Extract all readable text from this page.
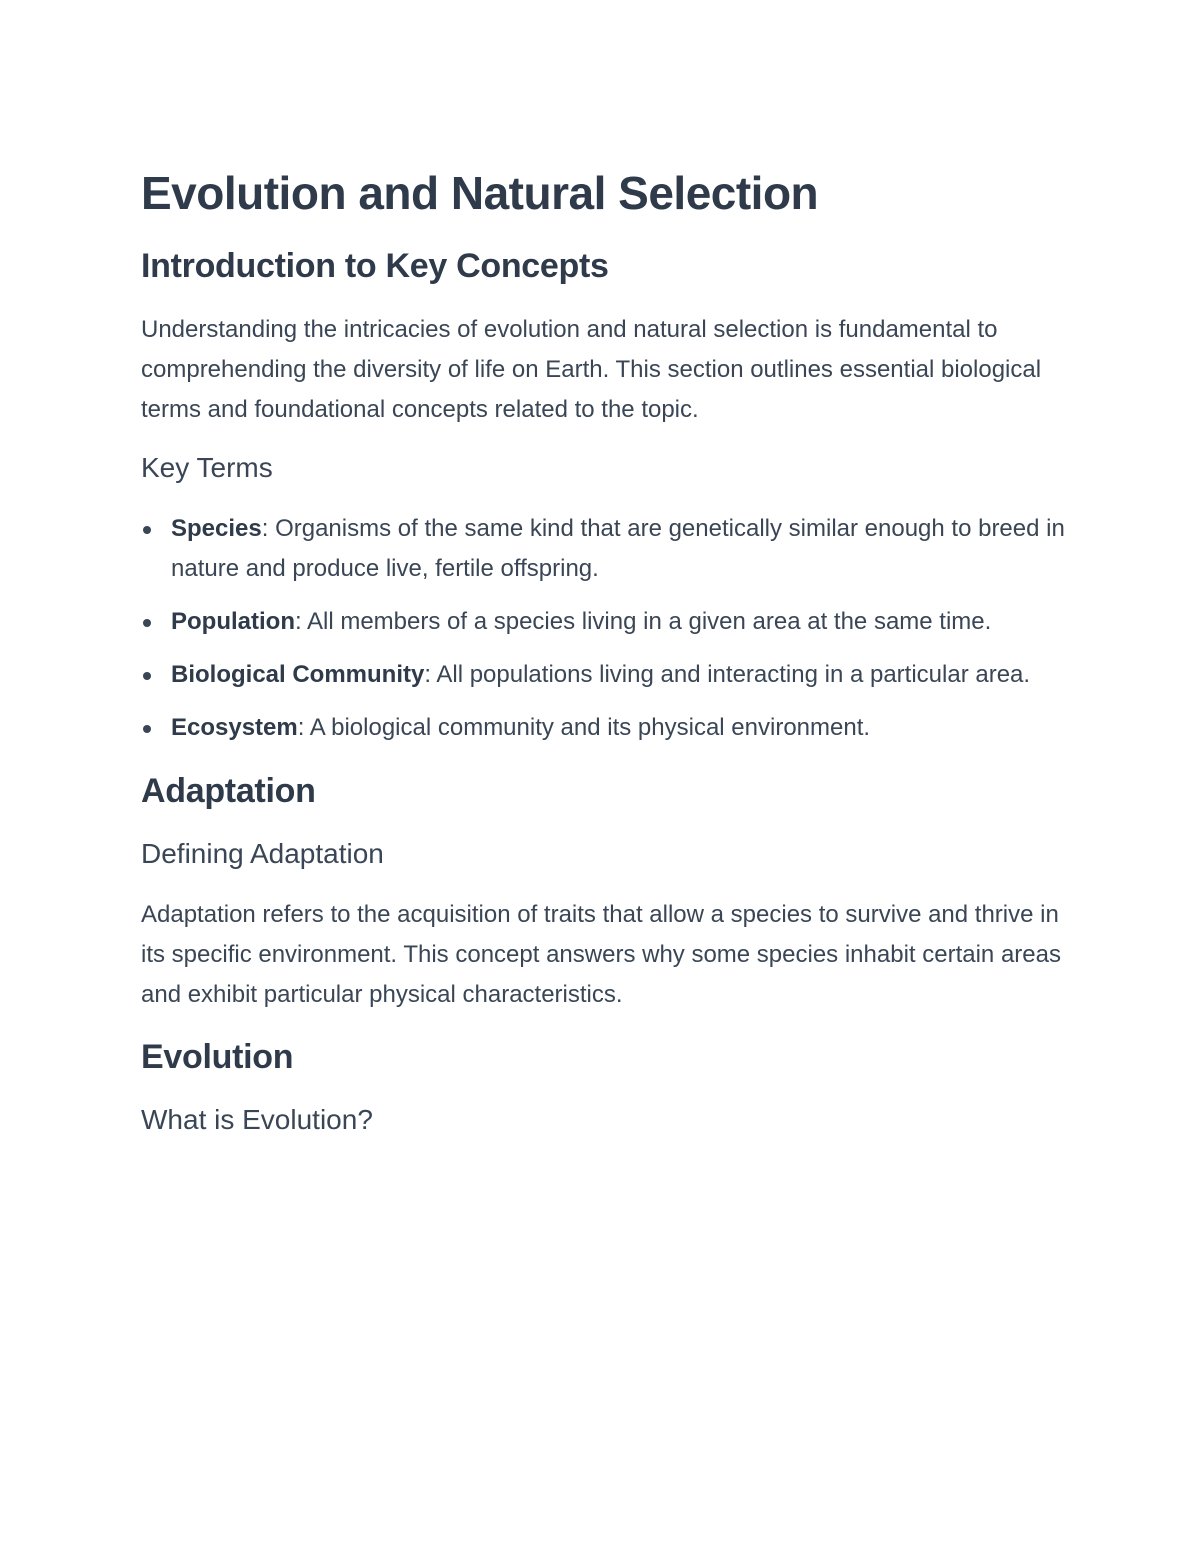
Evolution and Natural Selection
Introduction to Key Concepts

Understanding the intricacies of evolution and natural selection is fundamental to comprehending the diversity of life on Earth. This section outlines essential biological terms and foundational concepts related to the topic.

Key Terms
Species: Organisms of the same kind that are genetically similar enough to breed in nature and produce live, fertile offspring.
Population: All members of a species living in a given area at the same time.
Biological Community: All populations living and interacting in a particular area.
Ecosystem: A biological community and its physical environment.
Adaptation
Defining Adaptation

Adaptation refers to the acquisition of traits that allow a species to survive and thrive in its specific environment. This concept answers why some species inhabit certain areas and exhibit particular physical characteristics.

Evolution
What is Evolution?
